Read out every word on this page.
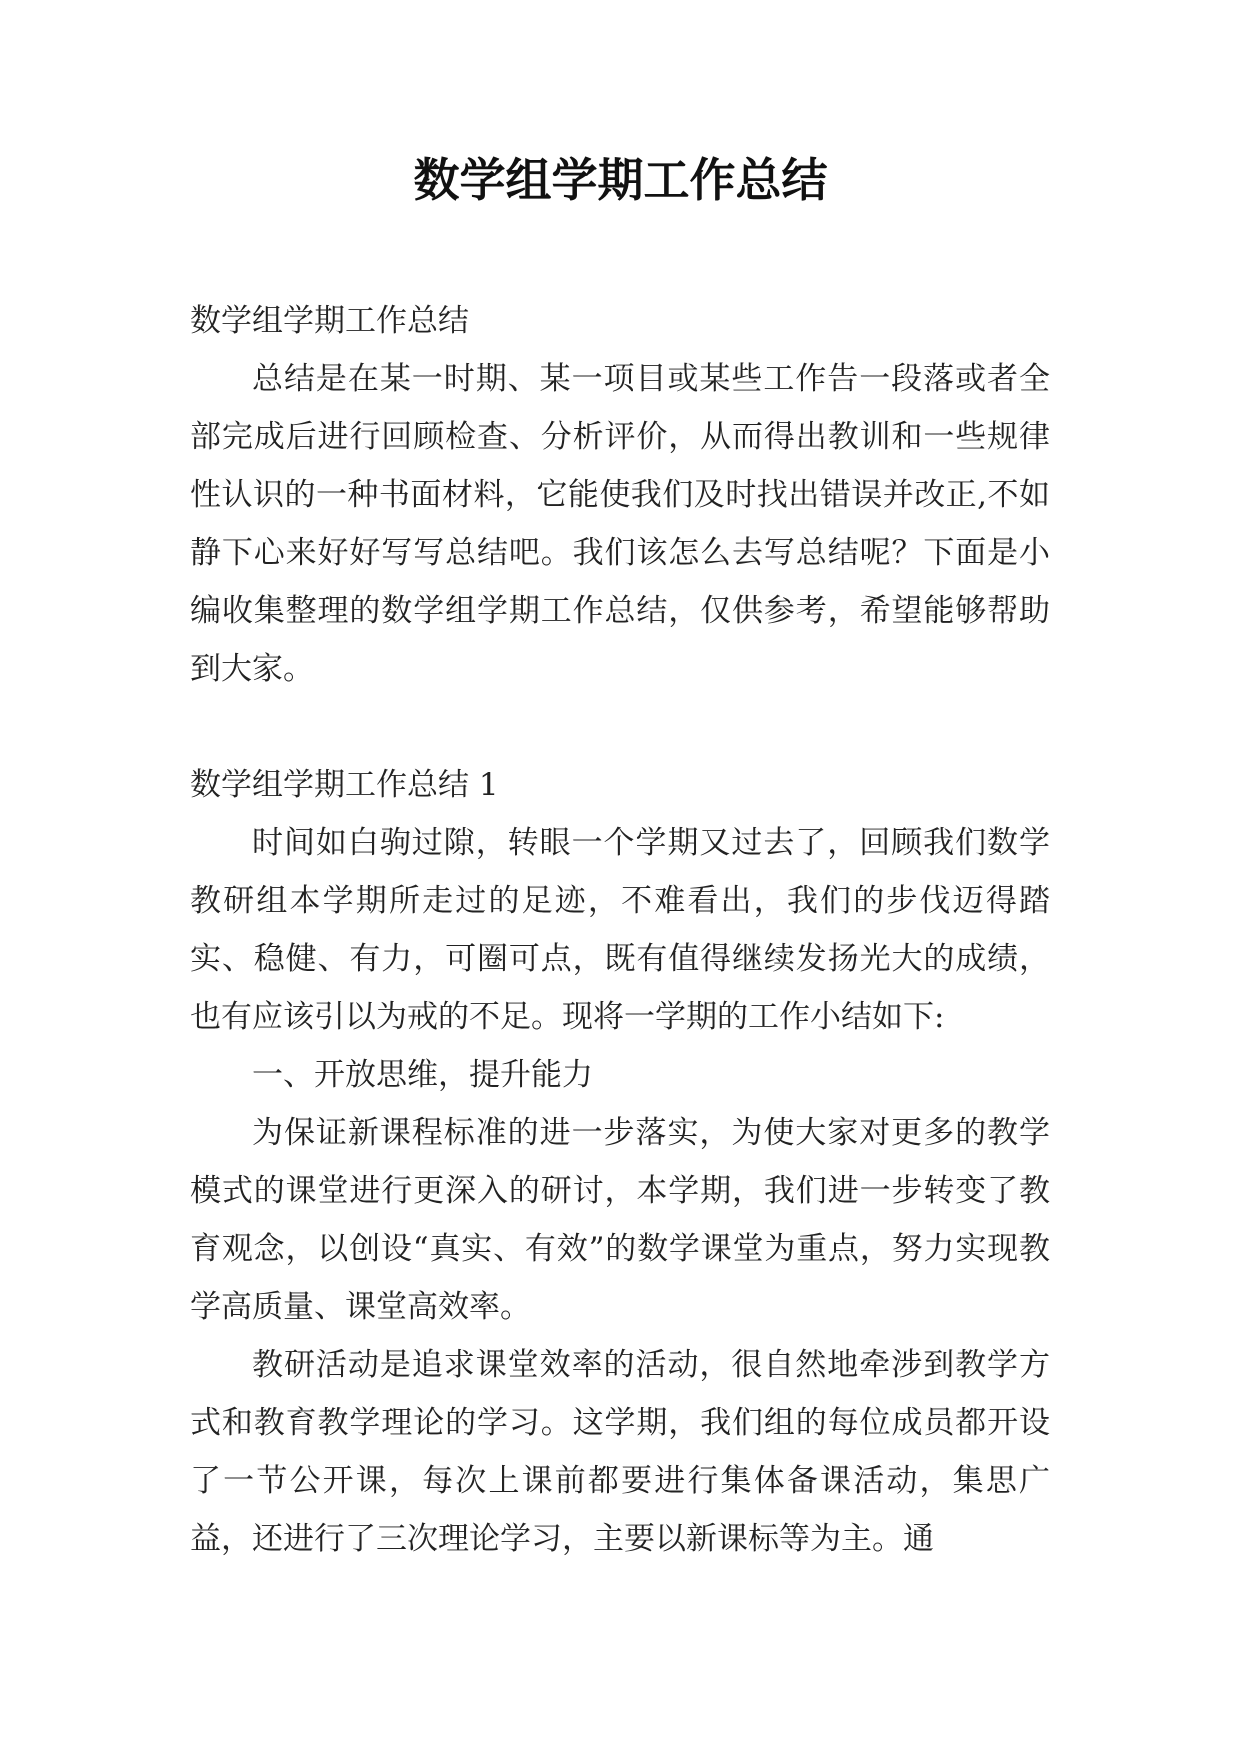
数学组学期工作总结

数学组学期工作总结

总结是在某一时期、某一项目或某些工作告一段落或者全部完成后进行回顾检查、分析评价，从而得出教训和一些规律性认识的一种书面材料，它能使我们及时找出错误并改正,不如静下心来好好写写总结吧。我们该怎么去写总结呢？下面是小编收集整理的数学组学期工作总结，仅供参考，希望能够帮助到大家。

数学组学期工作总结 1

时间如白驹过隙，转眼一个学期又过去了，回顾我们数学教研组本学期所走过的足迹，不难看出，我们的步伐迈得踏实、稳健、有力，可圈可点，既有值得继续发扬光大的成绩，也有应该引以为戒的不足。现将一学期的工作小结如下:

一、开放思维，提升能力

为保证新课程标准的进一步落实，为使大家对更多的教学模式的课堂进行更深入的研讨，本学期，我们进一步转变了教育观念，以创设“真实、有效”的数学课堂为重点，努力实现教学高质量、课堂高效率。

教研活动是追求课堂效率的活动，很自然地牵涉到教学方式和教育教学理论的学习。这学期，我们组的每位成员都开设了一节公开课，每次上课前都要进行集体备课活动，集思广益，还进行了三次理论学习，主要以新课标等为主。通
